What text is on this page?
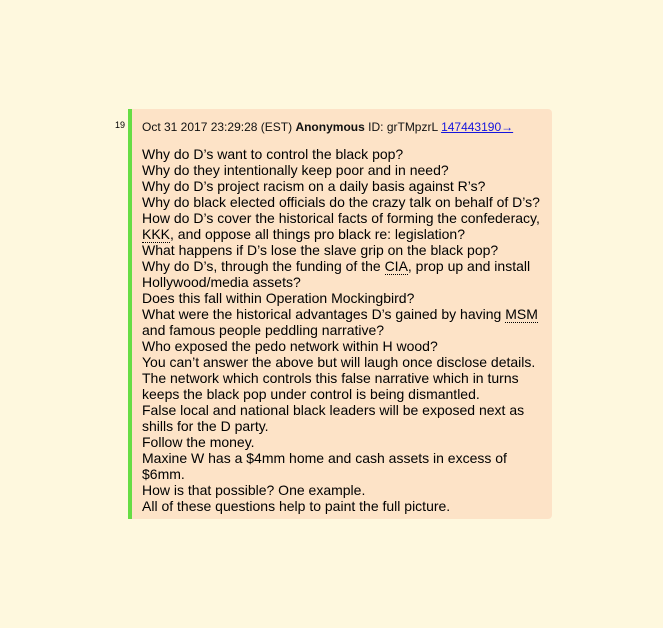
19 Oct 31 2017 23:29:28 (EST) Anonymous ID: grTMpzrL 147443190→
Why do D’s want to control the black pop?
Why do they intentionally keep poor and in need?
Why do D’s project racism on a daily basis against R’s?
Why do black elected officials do the crazy talk on behalf of D’s?
How do D’s cover the historical facts of forming the confederacy,
KKK, and oppose all things pro black re: legislation?
What happens if D’s lose the slave grip on the black pop?
Why do D’s, through the funding of the CIA, prop up and install
Hollywood/media assets?
Does this fall within Operation Mockingbird?
What were the historical advantages D’s gained by having MSM
and famous people peddling narrative?
Who exposed the pedo network within H wood?
You can’t answer the above but will laugh once disclose details.
The network which controls this false narrative which in turns
keeps the black pop under control is being dismantled.
False local and national black leaders will be exposed next as
shills for the D party.
Follow the money.
Maxine W has a $4mm home and cash assets in excess of
$6mm.
How is that possible? One example.
All of these questions help to paint the full picture.
